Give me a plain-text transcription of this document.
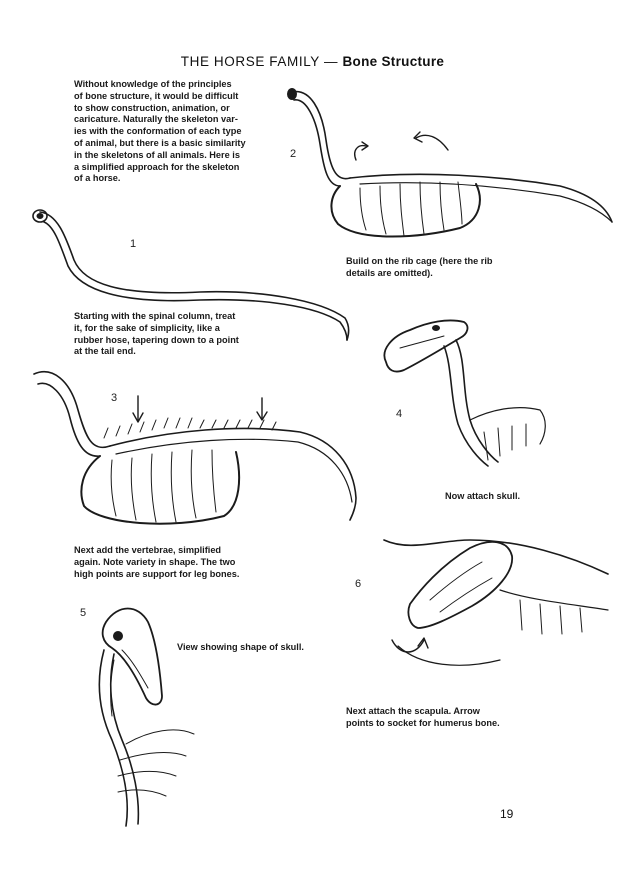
THE HORSE FAMILY — Bone Structure

Without knowledge of the principles
of bone structure, it would be difficult
to show construction, animation, or
caricature. Naturally the skeleton var-
ies with the conformation of each type
of animal, but there is a basic similarity
in the skeletons of all animals. Here is
a simplified approach for the skeleton
of a horse.

1
2
3
4
5
6

Starting with the spinal column, treat
it, for the sake of simplicity, like a
rubber hose, tapering down to a point
at the tail end.

Build on the rib cage (here the rib
details are omitted).

Next add the vertebrae, simplified
again. Note variety in shape. The two
high points are support for leg bones.

Now attach skull.

View showing shape of skull.

Next attach the scapula. Arrow
points to socket for humerus bone.

19
